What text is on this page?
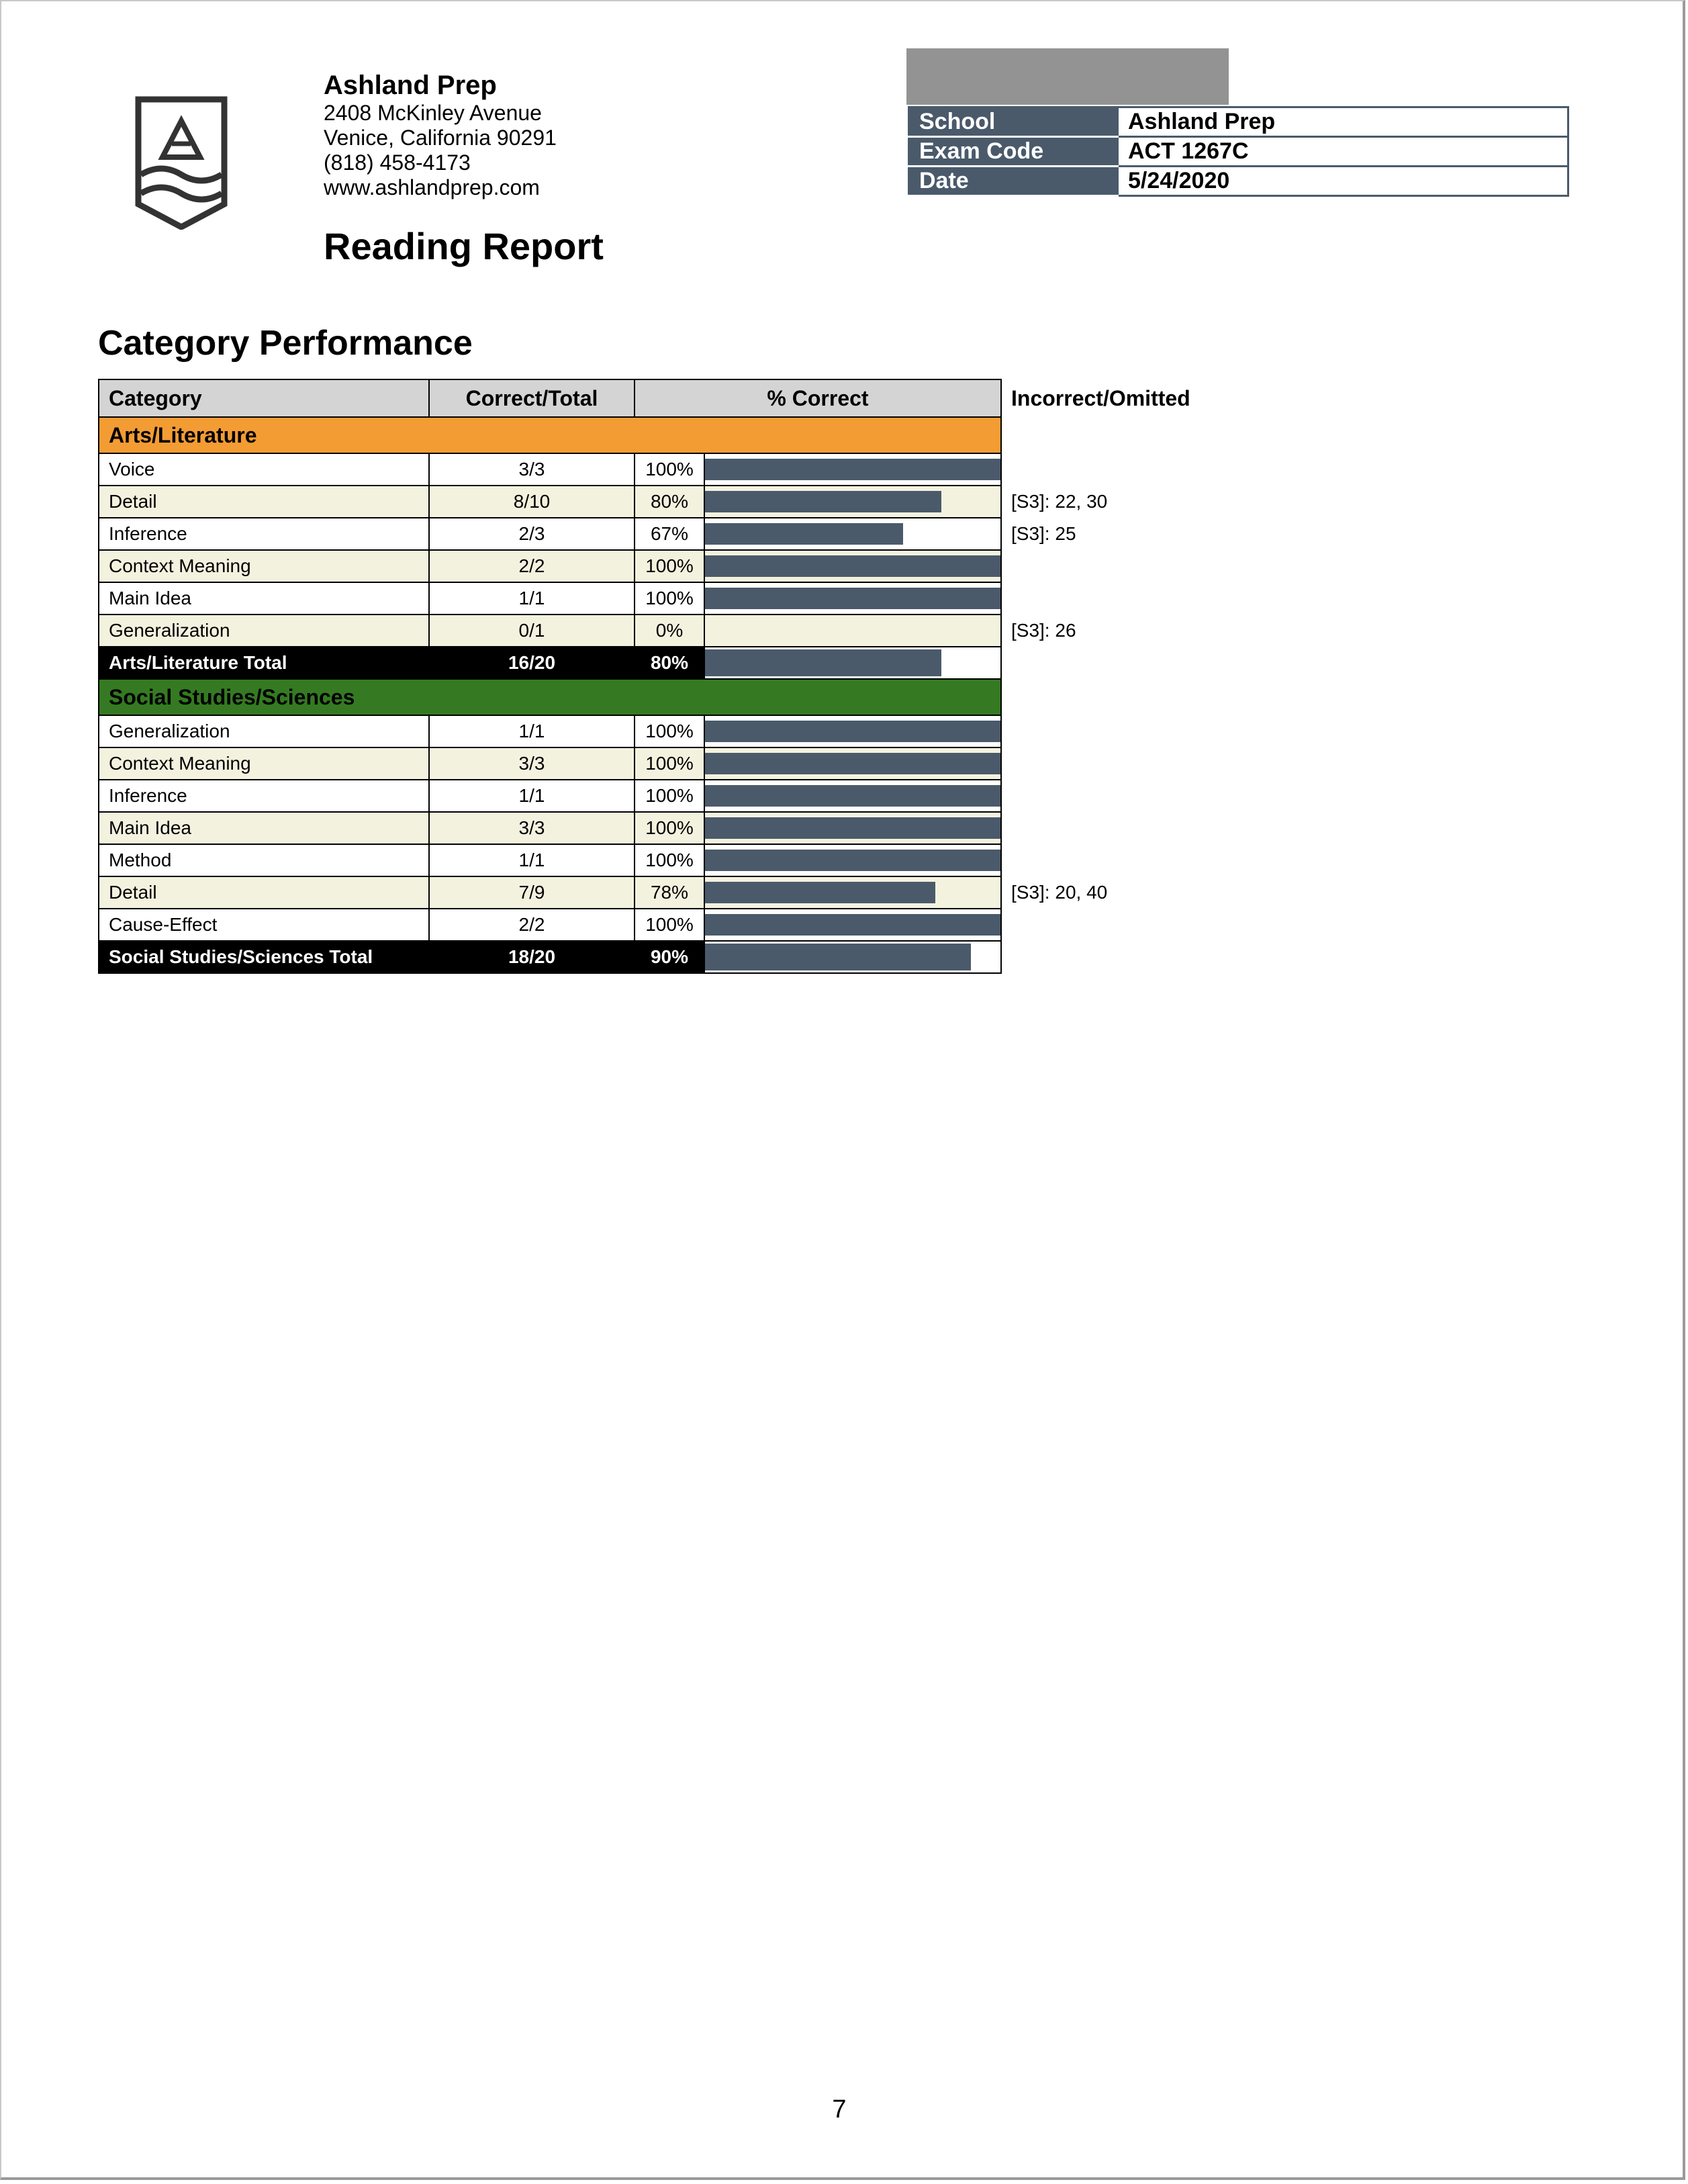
Ashland Prep
2408 McKinley Avenue
Venice, California 90291
(818) 458-4173
www.ashlandprep.com
Reading Report
School	Ashland Prep
Exam Code	ACT 1267C
Date	5/24/2020
Category Performance
Category	Correct/Total	% Correct		Incorrect/Omitted
Arts/Literature				
Voice	3/3	100%	

Detail	8/10	80%		[S3]: 22, 30
Inference	2/3	67%		[S3]: 25
Context Meaning	2/2	100%	

Main Idea	1/1	100%	

Generalization	0/1	0%		[S3]: 26
Arts/Literature Total	16/20	80%	

Social Studies/Sciences				
Generalization	1/1	100%	

Context Meaning	3/3	100%	

Inference	1/1	100%	

Main Idea	3/3	100%	

Method	1/1	100%	

Detail	7/9	78%		[S3]: 20, 40
Cause-Effect	2/2	100%	

Social Studies/Sciences Total	18/20	90%	

7
